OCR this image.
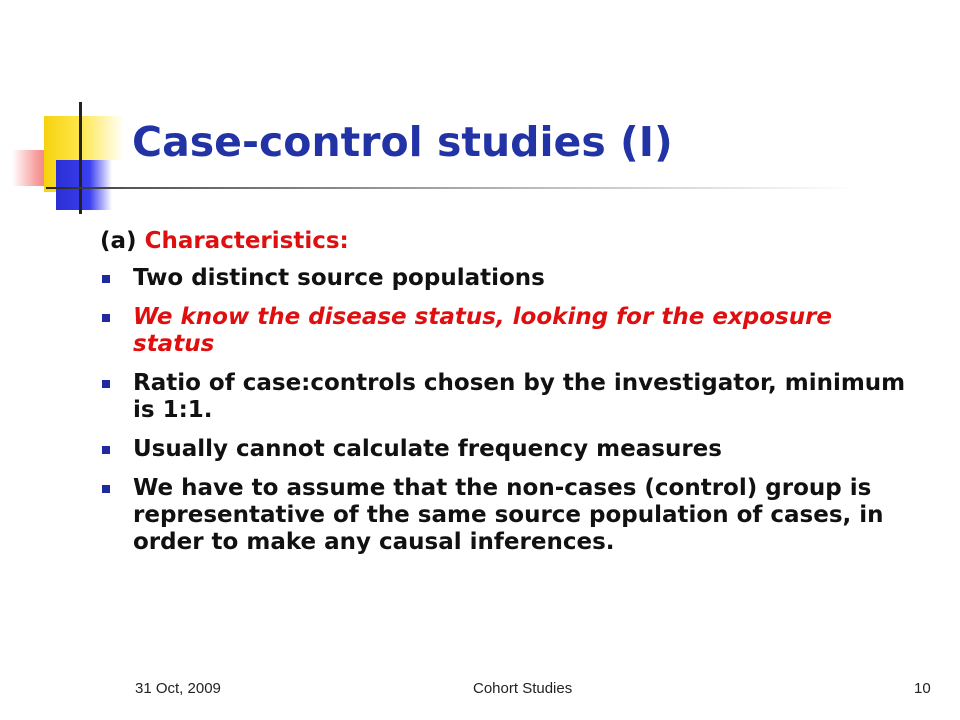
Case-control studies (I)
(a) Characteristics:
Two distinct source populations
We know the disease status, looking for the exposure status
Ratio of case:controls chosen by the investigator, minimum is 1:1.
Usually cannot calculate frequency measures
We have to assume that the non-cases (control) group is representative of the same source population of cases, in order to make any causal inferences.
31 Oct, 2009	Cohort Studies	10
